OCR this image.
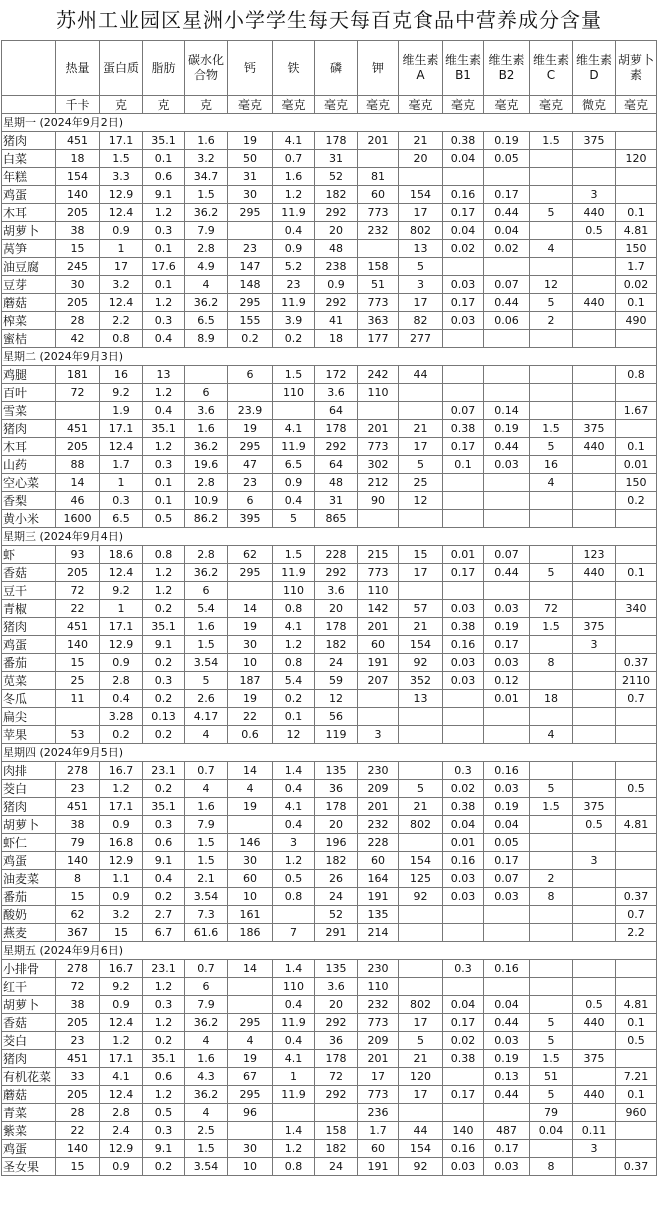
苏州工业园区星洲小学学生每天每百克食品中营养成分含量
	热量	蛋白质	脂肪	碳水化合物	钙	铁	磷	钾	维生素A	维生素B1	维生素B2	维生素C	维生素D	胡萝卜素
	千卡	克	克	克	毫克	毫克	毫克	毫克	毫克	毫克	毫克	毫克	微克	毫克
星期一 (2024年9月2日)														
猪肉	451	17.1	35.1	1.6	19	4.1	178	201	21	0.38	0.19	1.5	375	
白菜	18	1.5	0.1	3.2	50	0.7	31		20	0.04	0.05			120
年糕	154	3.3	0.6	34.7	31	1.6	52	81						
鸡蛋	140	12.9	9.1	1.5	30	1.2	182	60	154	0.16	0.17		3	
木耳	205	12.4	1.2	36.2	295	11.9	292	773	17	0.17	0.44	5	440	0.1
胡萝卜	38	0.9	0.3	7.9		0.4	20	232	802	0.04	0.04		0.5	4.81
莴笋	15	1	0.1	2.8	23	0.9	48		13	0.02	0.02	4		150
油豆腐	245	17	17.6	4.9	147	5.2	238	158	5					1.7
豆芽	30	3.2	0.1	4	148	23	0.9	51	3	0.03	0.07	12		0.02
蘑菇	205	12.4	1.2	36.2	295	11.9	292	773	17	0.17	0.44	5	440	0.1
榨菜	28	2.2	0.3	6.5	155	3.9	41	363	82	0.03	0.06	2		490
蜜桔	42	0.8	0.4	8.9	0.2	0.2	18	177	277					
星期二 (2024年9月3日)														
鸡腿	181	16	13		6	1.5	172	242	44					0.8
百叶	72	9.2	1.2	6		110	3.6	110						
雪菜		1.9	0.4	3.6	23.9		64			0.07	0.14			1.67
猪肉	451	17.1	35.1	1.6	19	4.1	178	201	21	0.38	0.19	1.5	375	
木耳	205	12.4	1.2	36.2	295	11.9	292	773	17	0.17	0.44	5	440	0.1
山药	88	1.7	0.3	19.6	47	6.5	64	302	5	0.1	0.03	16		0.01
空心菜	14	1	0.1	2.8	23	0.9	48	212	25			4		150
香梨	46	0.3	0.1	10.9	6	0.4	31	90	12					0.2
黄小米	1600	6.5	0.5	86.2	395	5	865							
星期三 (2024年9月4日)														
虾	93	18.6	0.8	2.8	62	1.5	228	215	15	0.01	0.07		123	
香菇	205	12.4	1.2	36.2	295	11.9	292	773	17	0.17	0.44	5	440	0.1
豆干	72	9.2	1.2	6		110	3.6	110						
青椒	22	1	0.2	5.4	14	0.8	20	142	57	0.03	0.03	72		340
猪肉	451	17.1	35.1	1.6	19	4.1	178	201	21	0.38	0.19	1.5	375	
鸡蛋	140	12.9	9.1	1.5	30	1.2	182	60	154	0.16	0.17		3	
番茄	15	0.9	0.2	3.54	10	0.8	24	191	92	0.03	0.03	8		0.37
苋菜	25	2.8	0.3	5	187	5.4	59	207	352	0.03	0.12			2110
冬瓜	11	0.4	0.2	2.6	19	0.2	12		13		0.01	18		0.7
扁尖		3.28	0.13	4.17	22	0.1	56							
苹果	53	0.2	0.2	4	0.6	12	119	3				4		
星期四 (2024年9月5日)														
肉排	278	16.7	23.1	0.7	14	1.4	135	230		0.3	0.16			
茭白	23	1.2	0.2	4	4	0.4	36	209	5	0.02	0.03	5		0.5
猪肉	451	17.1	35.1	1.6	19	4.1	178	201	21	0.38	0.19	1.5	375	
胡萝卜	38	0.9	0.3	7.9		0.4	20	232	802	0.04	0.04		0.5	4.81
虾仁	79	16.8	0.6	1.5	146	3	196	228		0.01	0.05			
鸡蛋	140	12.9	9.1	1.5	30	1.2	182	60	154	0.16	0.17		3	
油麦菜	8	1.1	0.4	2.1	60	0.5	26	164	125	0.03	0.07	2		
番茄	15	0.9	0.2	3.54	10	0.8	24	191	92	0.03	0.03	8		0.37
酸奶	62	3.2	2.7	7.3	161		52	135						0.7
燕麦	367	15	6.7	61.6	186	7	291	214						2.2
星期五 (2024年9月6日)														
小排骨	278	16.7	23.1	0.7	14	1.4	135	230		0.3	0.16			
红干	72	9.2	1.2	6		110	3.6	110						
胡萝卜	38	0.9	0.3	7.9		0.4	20	232	802	0.04	0.04		0.5	4.81
香菇	205	12.4	1.2	36.2	295	11.9	292	773	17	0.17	0.44	5	440	0.1
茭白	23	1.2	0.2	4	4	0.4	36	209	5	0.02	0.03	5		0.5
猪肉	451	17.1	35.1	1.6	19	4.1	178	201	21	0.38	0.19	1.5	375	
有机花菜	33	4.1	0.6	4.3	67	1	72	17	120		0.13	51		7.21
蘑菇	205	12.4	1.2	36.2	295	11.9	292	773	17	0.17	0.44	5	440	0.1
青菜	28	2.8	0.5	4	96			236				79		960
紫菜	22	2.4	0.3	2.5		1.4	158	1.7	44	140	487	0.04	0.11	
鸡蛋	140	12.9	9.1	1.5	30	1.2	182	60	154	0.16	0.17		3	
圣女果	15	0.9	0.2	3.54	10	0.8	24	191	92	0.03	0.03	8		0.37
